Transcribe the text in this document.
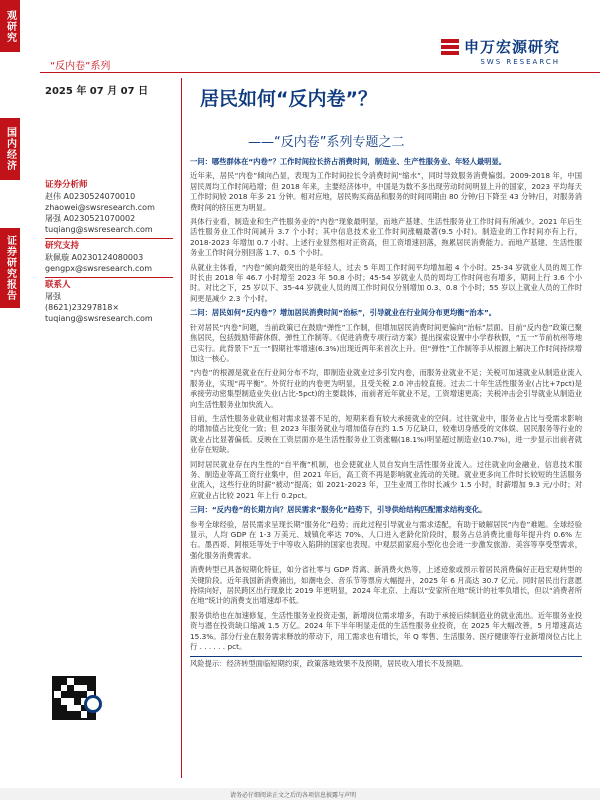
观研究
国内经济
证券研究报告
“反内卷”系列
申万宏源研究
SWS RESEARCH
2025 年 07 月 07 日	居民如何“反内卷”？
——“反内卷”系列专题之二
证券分析师
赵伟 A0230524070010
zhaowei@swsresearch.com
屠强 A0230521070002
tuqiang@swsresearch.com
研究支持
耿佩璇 A0230124080003
gengpx@swsresearch.com
联系人
屠强
(8621)23297818×
tuqiang@swsresearch.com

一问：哪些群体在“内卷”？工作时间拉长挤占消费时间，制造业、生产性服务业、年轻人最明显。

近年来，居民“内卷”倾向凸显，表现为工作时间拉长令消费时间“缩水”，同时导致服务消费偏弱。2009-2018 年，中国居民周均工作时间趋增；但 2018 年来，主要经济体中，中国是为数不多出现劳动时间明显上升的国家，2023 平均每天工作时间较 2018 年多 21 分钟。相对应地，居民购买商品和服务的时间同期由 80 分钟/日下降至 43 分钟/日，对服务消费时间的挤压更为明显。

具体行业看，制造业和生产性服务业的“内卷”现象最明显，而地产基建、生活性服务业工作时间有所减少。2021 年后生活性服务业工作时间减升 3.7 个小时；其中信息技术业工作时间涨幅最著(9.5 小时)。制造业的工作时间亦有上行，2018-2023 年增加 0.7 小时。上述行业显然相对正资高，但工资增速回落，拖累居民消费能力。而地产基建、生活性服务业工作时间分别回落 1.7、0.5 个小时。

从就业主体看，“内卷”倾向最突出的是年轻人，过去 5 年周工作时间平均增加超 4 个小时。25-34 岁就业人员的周工作时长由 2018 年 46.7 小时增至 2023 年 50.8 小时；45-54 岁就业人员的周均工作时间也有增多，期间上行 3.6 个小时。对比之下，25 岁以下、35-44 岁就业人员的周工作时间仅分别增加 0.3、0.8 个小时；55 岁以上就业人员的工作时间更是减少 2.3 个小时。

二问：居民如何“反内卷”？增加居民消费时间“治标”，引导就业在行业间分布更均衡“治本”。

针对居民“内卷”问题，当前政策已在鼓励“弹性”工作制，但增加居民消费时间更偏向“治标”层面。目前“反内卷”政策已聚焦居民，包括鼓励带薪休假、弹性工作制等。《促进消费专项行动方案》提出探索设置中小学春秋假，“五一”节前杭州等地已实行。此背景下“五一”假期社零增速(6.3%)出现近两年来首次上升。但“弹性”工作制等手从根源上解决工作时间持续增加这一核心。

“内卷”的根源是就业在行业间分布不均，即制造业就业过多引发内卷，而服务业就业不足；关税可加速就业从制造业流入服务业，实现“再平衡”。外贸行业的内卷更为明显，且受关税 2.0 冲击较直接。过去二十年生活性服务业(占比+7pct)是承接劳动密集型制造业失业(占比-5pct)的主要载体，而前者近年就业不足，工资增速更高；关税冲击会引导就业从制造业向生活性服务业加快流入。

目前，生活性服务业就业相对需求显著不足的，短期来看有较大承接就业的空间。过往就业中，服务业占比与受需求影响的增加值占比变化一致；但 2023 年服务就业与增加值存在约 1.5 万亿缺口，较难切身感受的文体娱、居民服务等行业的就业占比显著偏低。反映在工资层面亦是生活性服务业工资涨幅(18.1%)明显超过制造业(10.7%)，进一步显示出前者就业存在短缺。

同时居民就业存在内生性的“自平衡”机制，也会使就业人员自发向生活性服务业流入。过往就业向金融业、信息技术服务、制造业等高工资行业集中，但 2021 年后，高工资不再是影响就业流动的关键。就业更多向工作时长较短的生活服务业流入，这些行业的时薪“被动”提高；如 2021-2023 年，卫生业周工作时长减少 1.5 小时，时薪增加 9.3 元/小时；对应就业占比较 2021 年上行 0.2pct。

三问：“反内卷”的长期方向？居民需求“服务化”趋势下，引导供给结构匹配需求结构变化。

参考全球经验，居民需求呈现长期“服务化”趋势；而此过程引导就业与需求适配，有助于破解居民“内卷”难题。全球经验显示，人均 GDP 在 1-3 万美元、城镇化率达 70%、人口进入老龄化阶段时，服务占总消费比重每年提升约 0.6% 左右。墨西哥、阿根廷等处于中等收入陷阱的国家也表现。中观层面家庭小型化也会进一步激发旅游、美容等享受型需求，强化服务消费需求。

消费转型已具备短期化特征，如分省社零与 GDP 背离、新消费火热等，上述迹象或预示着居民消费偏好正趋宏观转型的关键阶段。近年我国新消费涌出，如潮电会、音乐节等票房大幅提升，2025 年 6 月高达 30.7 亿元。同时居民出行意愿持续向好，居民跨区出行现象比 2019 年更明显，2024 年北京、上海以“安家所在地”统计的社零负增长，但以“消费者所在地”统计的消费支出增速却不低。

服务供给也在加速修复，生活性服务业投资走强，新增岗位需求增多，有助于承接后续制造业的就业流出。近年服务业投资与潜在投资缺口缩减 1.5 万亿。2024 年下半年明显走低的生活性服务业投资，在 2025 年大幅改善，5 月增速高达 15.3%。部分行业在服务需求释放的带动下，用工需求也有增长，年 Q 零售、生活服务、医疗健康等行业新增岗位占比上行 . . . . . . pct。

风险提示：经济转型面临短期约束，政策落地效果不及预期，居民收入增长不及预期。

请务必仔细阅读正文之后的各项信息披露与声明
